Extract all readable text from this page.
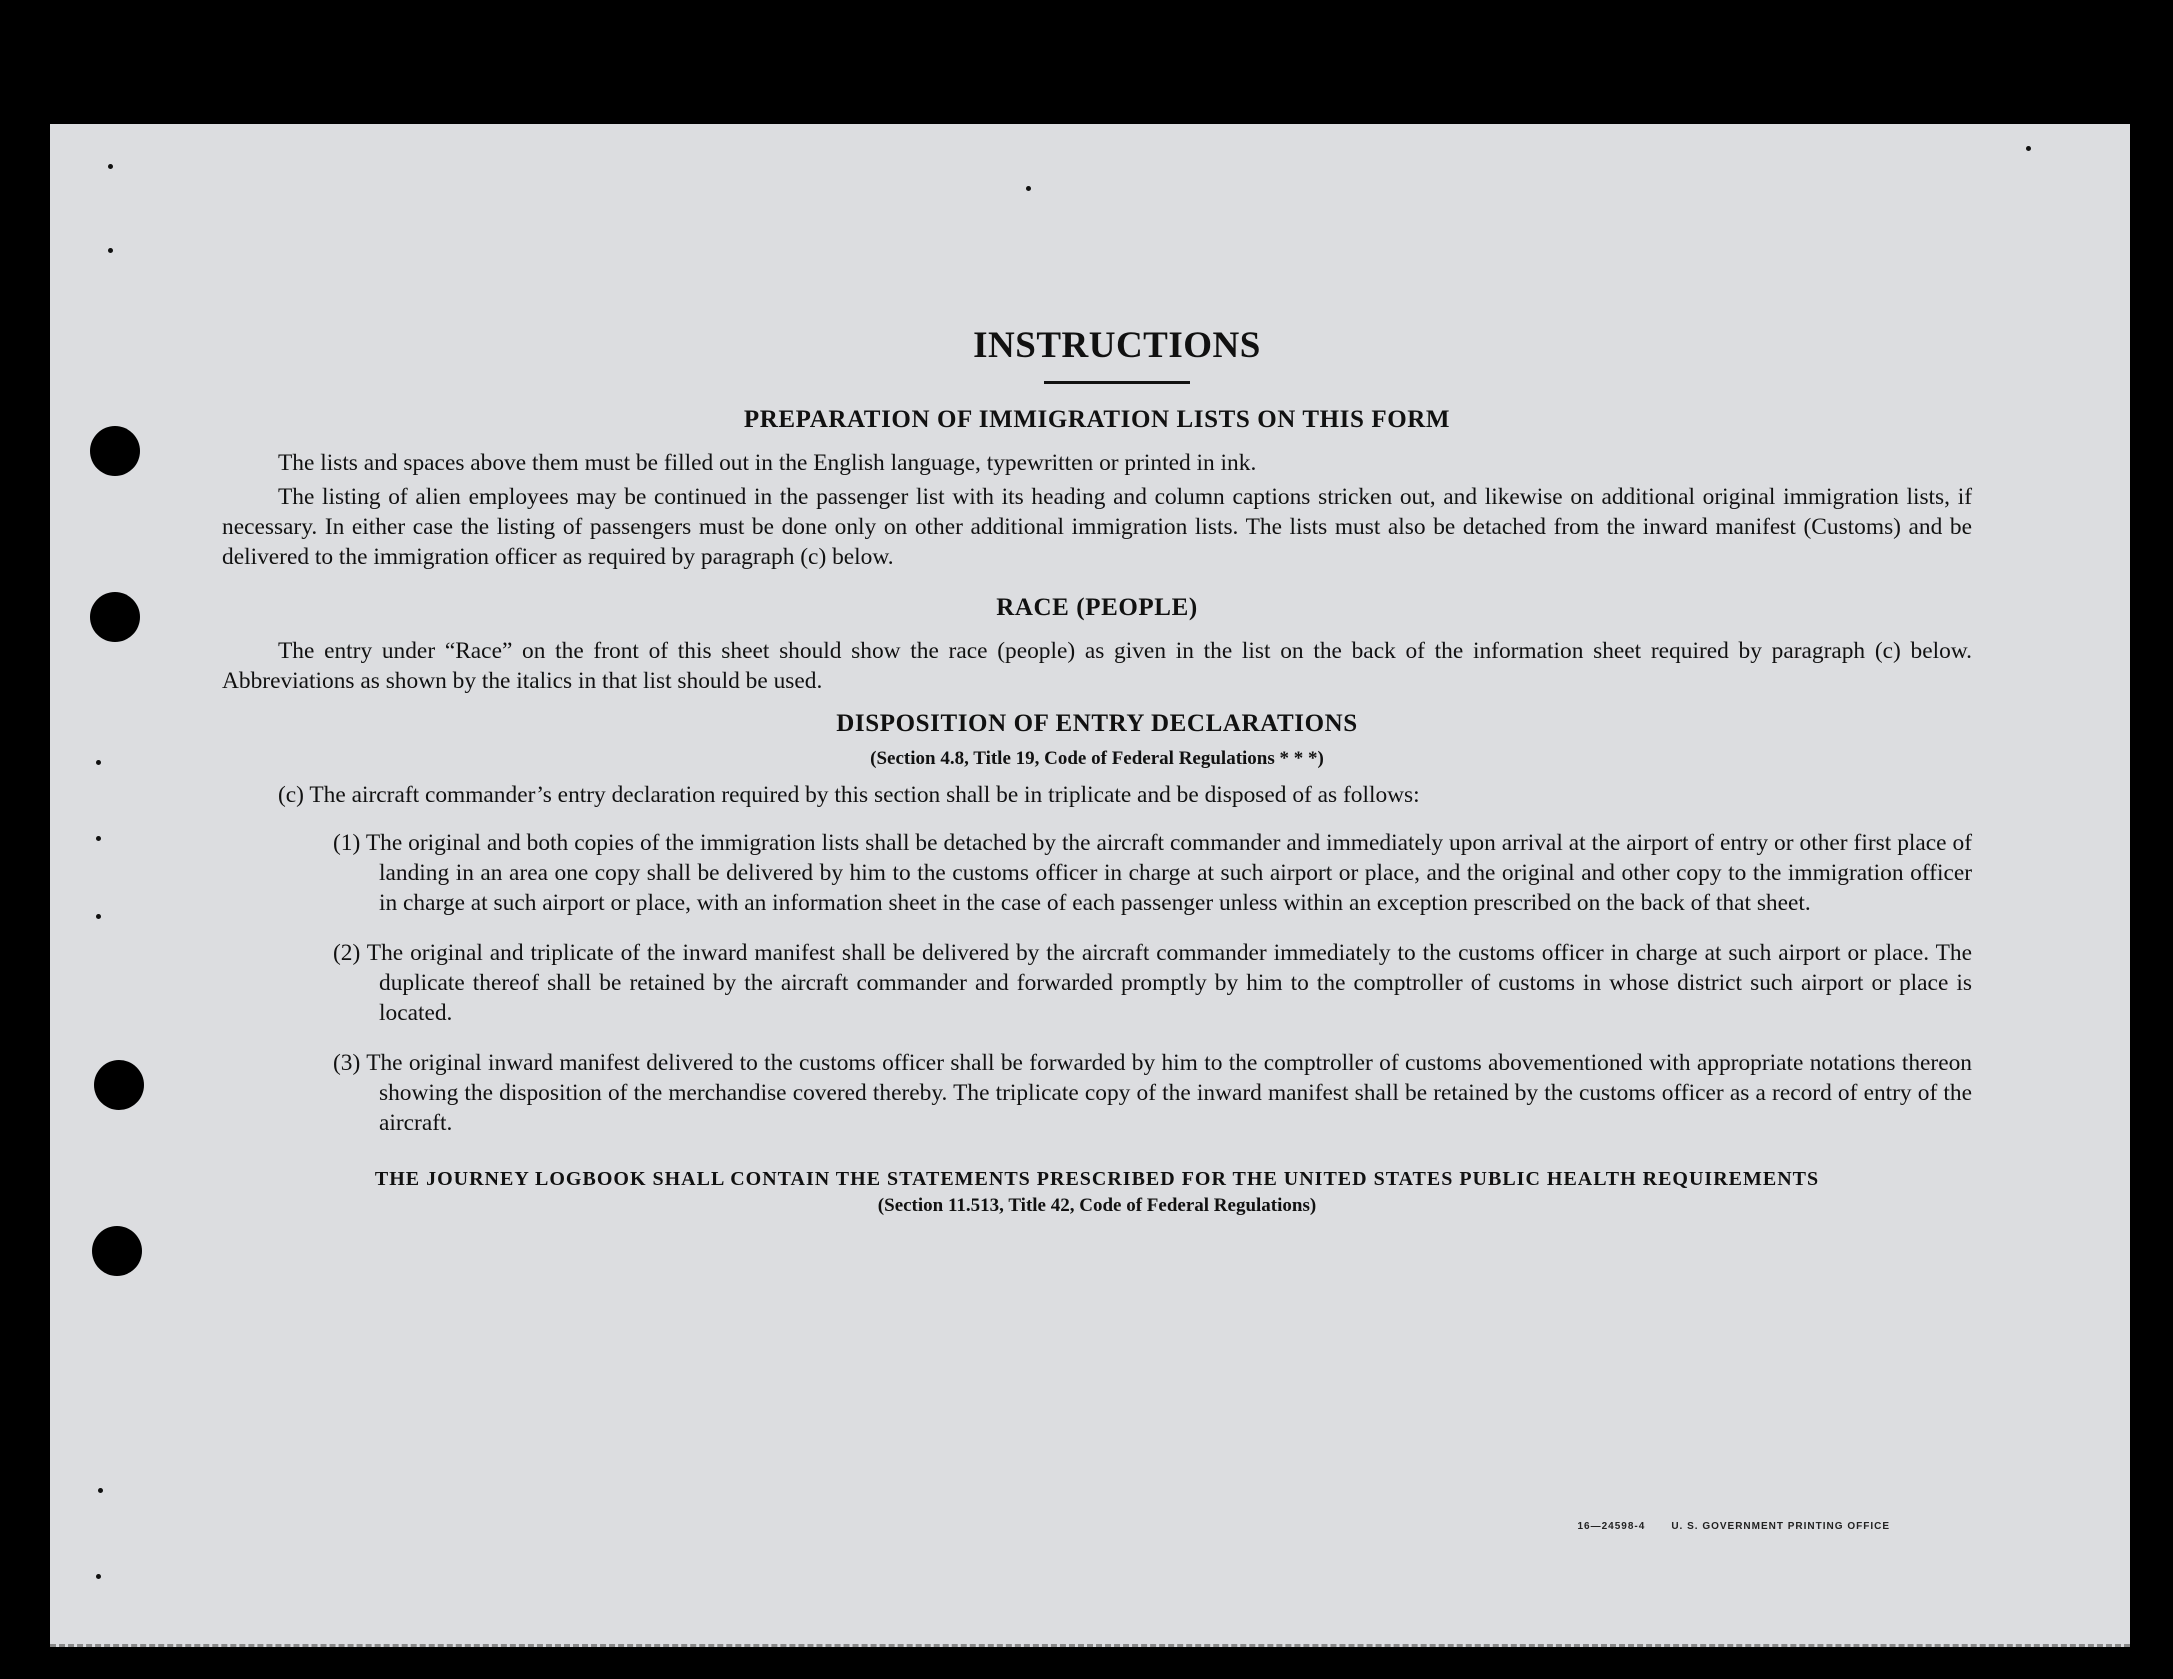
INSTRUCTIONS
PREPARATION OF IMMIGRATION LISTS ON THIS FORM

The lists and spaces above them must be filled out in the English language, typewritten or printed in ink.

The listing of alien employees may be continued in the passenger list with its heading and column captions stricken out, and likewise on additional original immigration lists, if necessary. In either case the listing of passengers must be done only on other additional immigration lists. The lists must also be detached from the inward manifest (Customs) and be delivered to the immigration officer as required by paragraph (c) below.

RACE (PEOPLE)

The entry under “Race” on the front of this sheet should show the race (people) as given in the list on the back of the information sheet required by paragraph (c) below. Abbreviations as shown by the italics in that list should be used.

DISPOSITION OF ENTRY DECLARATIONS
(Section 4.8, Title 19, Code of Federal Regulations * * *)

(c) The aircraft commander’s entry declaration required by this section shall be in triplicate and be disposed of as follows:

(1) The original and both copies of the immigration lists shall be detached by the aircraft commander and immediately upon arrival at the airport of entry or other first place of landing in an area one copy shall be delivered by him to the customs officer in charge at such airport or place, and the original and other copy to the immigration officer in charge at such airport or place, with an information sheet in the case of each passenger unless within an exception prescribed on the back of that sheet.

(2) The original and triplicate of the inward manifest shall be delivered by the aircraft commander immediately to the customs officer in charge at such airport or place. The duplicate thereof shall be retained by the aircraft commander and forwarded promptly by him to the comptroller of customs in whose district such airport or place is located.

(3) The original inward manifest delivered to the customs officer shall be forwarded by him to the comptroller of customs abovementioned with appropriate notations thereon showing the disposition of the merchandise covered thereby. The triplicate copy of the inward manifest shall be retained by the customs officer as a record of entry of the aircraft.

THE JOURNEY LOGBOOK SHALL CONTAIN THE STATEMENTS PRESCRIBED FOR THE UNITED STATES PUBLIC HEALTH REQUIREMENTS
(Section 11.513, Title 42, Code of Federal Regulations)
16—24598-4	U. S. GOVERNMENT PRINTING OFFICE
